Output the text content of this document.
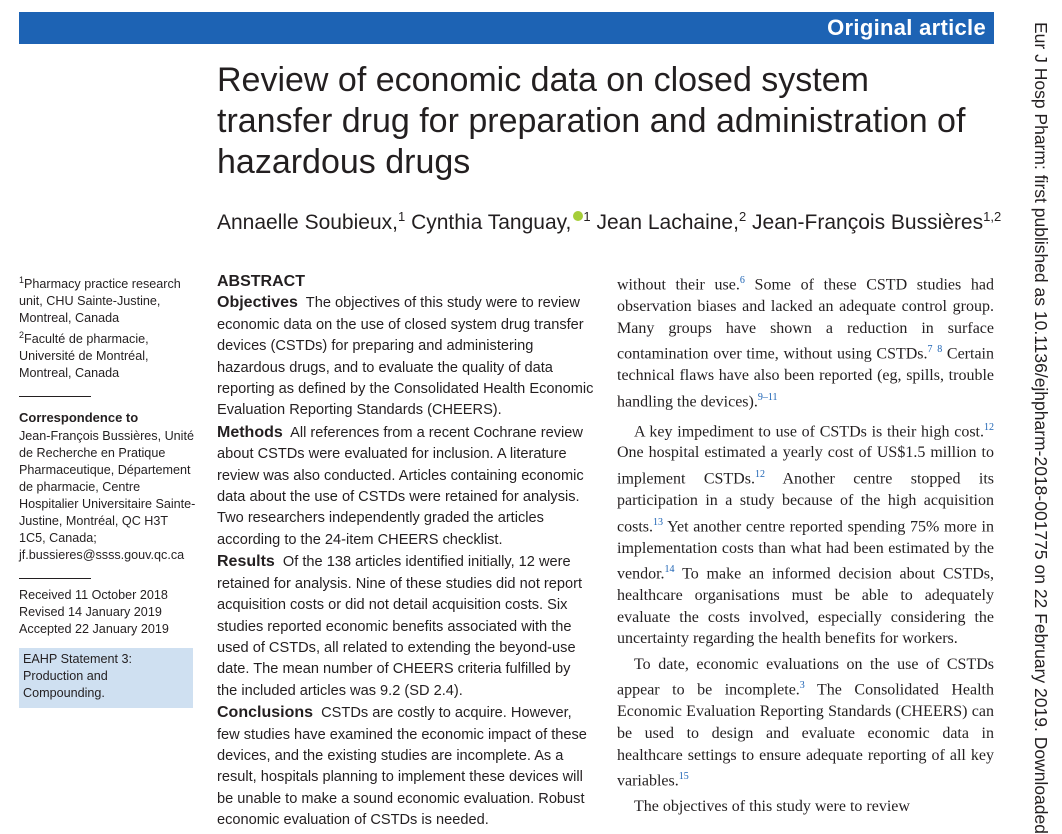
Original article
Review of economic data on closed system transfer drug for preparation and administration of hazardous drugs
Annaelle Soubieux,$^1$ Cynthia Tanguay, $^1$ Jean Lachaine,$^2$ Jean-François Bussières$^{1,2}$
$^1$Pharmacy practice research unit, CHU Sainte-Justine, Montreal, Canada
$^2$Faculté de pharmacie, Université de Montréal, Montreal, Canada
Correspondence to
Jean-François Bussières, Unité de Recherche en Pratique Pharmaceutique, Département de pharmacie, Centre Hospitalier Universitaire Sainte-Justine, Montréal, QC H3T 1C5, Canada; jf.bussieres@ssss.gouv.qc.ca
Received 11 October 2018
Revised 14 January 2019
Accepted 22 January 2019
EAHP Statement 3: Production and Compounding.
ABSTRACT

Objectives The objectives of this study were to review economic data on the use of closed system drug transfer devices (CSTDs) for preparing and administering hazardous drugs, and to evaluate the quality of data reporting as defined by the Consolidated Health Economic Evaluation Reporting Standards (CHEERS).

Methods All references from a recent Cochrane review about CSTDs were evaluated for inclusion. A literature review was also conducted. Articles containing economic data about the use of CSTDs were retained for analysis. Two researchers independently graded the articles according to the 24-item CHEERS checklist.

Results Of the 138 articles identified initially, 12 were retained for analysis. Nine of these studies did not report acquisition costs or did not detail acquisition costs. Six studies reported economic benefits associated with the used of CSTDs, all related to extending the beyond-use date. The mean number of CHEERS criteria fulfilled by the included articles was 9.2 (SD 2.4).

Conclusions CSTDs are costly to acquire. However, few studies have examined the economic impact of these devices, and the existing studies are incomplete. As a result, hospitals planning to implement these devices will be unable to make a sound economic evaluation. Robust economic evaluation of CSTDs is needed.

without their use.$^6$ Some of these CSTD studies had observation biases and lacked an adequate control group. Many groups have shown a reduction in surface contamination over time, without using CSTDs.$^7$ $^8$ Certain technical flaws have also been reported (eg, spills, trouble handling the devices).$^{9-11}$

A key impediment to use of CSTDs is their high cost.$^{12}$ One hospital estimated a yearly cost of US$1.5 million to implement CSTDs.$^{12}$ Another centre stopped its participation in a study because of the high acquisition costs.$^{13}$ Yet another centre reported spending 75% more in implementation costs than what had been estimated by the vendor.$^{14}$ To make an informed decision about CSTDs, healthcare organisations must be able to adequately evaluate the costs involved, especially considering the uncertainty regarding the health benefits for workers.

To date, economic evaluations on the use of CSTDs appear to be incomplete.$^3$ The Consolidated Health Economic Evaluation Reporting Standards (CHEERS) can be used to design and evaluate economic data in healthcare settings to ensure adequate reporting of all key variables.$^{15}$

The objectives of this study were to review	Eur J Hosp Pharm: first published as 10.1136/ejhpharm-2018-001775 on 22 February 2019. Downloaded
